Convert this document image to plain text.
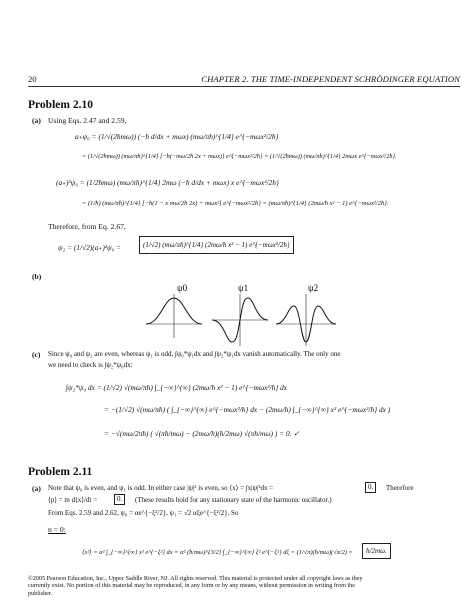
20	CHAPTER 2. THE TIME-INDEPENDENT SCHRÖDINGER EQUATION
Problem 2.10
(a) Using Eqs. 2.47 and 2.59,
a₊ψ₀ = (1/√(2ħmω)) (−ħ d/dx + mωx) (mω/πħ)^{1/4} e^{−mωx²/2ħ}
= (1/√(2ħmω)) (mω/πħ)^{1/4} [−ħ(−mω/2ħ 2x + mωx)] e^{−mωx²/2ħ} = (1/√(2ħmω)) (mω/πħ)^{1/4} 2mωx e^{−mωx²/2ħ}.
(a₊)²ψ₀ = (1/2ħmω) (mω/πħ)^{1/4} 2mω (−ħ d/dx + mωx) x e^{−mωx²/2ħ}
= (1/ħ) (mω/πħ)^{1/4} [−ħ(1 − x mω/2ħ 2x) + mωx²] e^{−mωx²/2ħ} = (mω/πħ)^{1/4} (2mω/ħ x² − 1) e^{−mωx²/2ħ}.
Therefore, from Eq. 2.67,
ψ₂ = (1/√2)(a₊)²ψ₀ =	(1/√2) (mω/πħ)^{1/4} (2mω/ħ x² − 1) e^{−mωx²/2ħ}
(b)
ψ0	ψ1	ψ2
(c) Since ψ₀ and ψ₂ are even, whereas ψ₁ is odd, ∫ψ₀*ψ₁dx and ∫ψ₂*ψ₁dx vanish automatically. The only one
we need to check is ∫ψ₂*ψ₀dx:
∫ψ₂*ψ₀ dx = (1/√2) √(mω/πħ) ∫_{−∞}^{∞} (2mω/ħ x² − 1) e^{−mωx²/ħ} dx
= −(1/√2) √(mω/πħ) ( ∫_{−∞}^{∞} e^{−mωx²/ħ} dx − (2mω/ħ) ∫_{−∞}^{∞} x² e^{−mωx²/ħ} dx )
= −√(mω/2πħ) ( √(πħ/mω) − (2mω/ħ)(ħ/2mω) √(πħ/mω) ) = 0. ✓
Problem 2.11
(a) Note that ψ₀ is even, and ψ₁ is odd. In either case |ψ|² is even, so ⟨x⟩ = ∫x|ψ|²dx =	0.	Therefore
⟨p⟩ = m d⟨x⟩/dt =	0.	(These results hold for any stationary state of the harmonic oscillator.)
From Eqs. 2.59 and 2.62, ψ₀ = αe^{−ξ²/2}, ψ₁ = √2 αξe^{−ξ²/2}. So
n = 0:
⟨x²⟩ = α² ∫_{−∞}^{∞} x² e^{−ξ²} dx = α² (ħ/mω)^{3/2} ∫_{−∞}^{∞} ξ² e^{−ξ²} dξ = (1/√π)(ħ/mω)(√π/2) =	ħ/2mω.
©2005 Pearson Education, Inc., Upper Saddle River, NJ. All rights reserved. This material is protected under all copyright laws as they
currently exist. No portion of this material may be reproduced, in any form or by any means, without permission in writing from the
publisher.
